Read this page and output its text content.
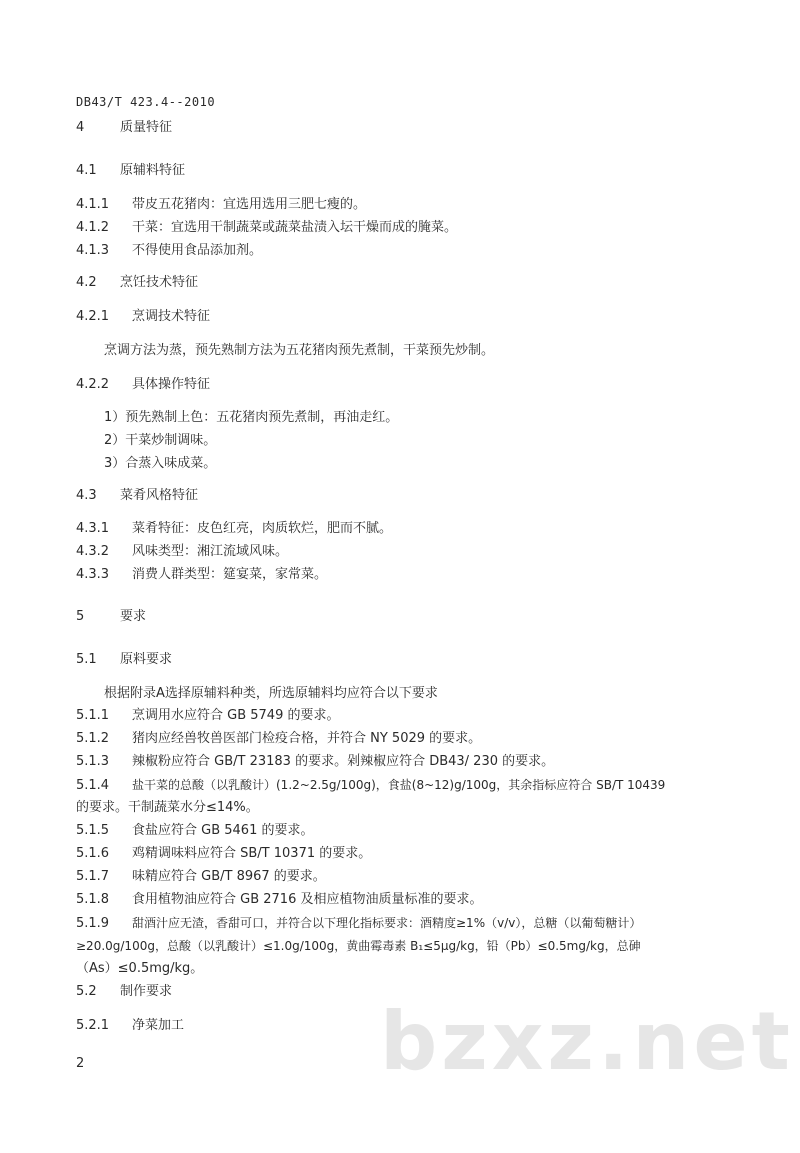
DB43/T 423.4--2010
4	质量特征
4.1 原辅料特征
4.1.1 带皮五花猪肉：宜选用选用三肥七瘦的。
4.1.2 干菜：宜选用干制蔬菜或蔬菜盐渍入坛干燥而成的腌菜。
4.1.3 不得使用食品添加剂。
4.2 烹饪技术特征
4.2.1 烹调技术特征
烹调方法为蒸，预先熟制方法为五花猪肉预先煮制，干菜预先炒制。
4.2.2 具体操作特征
1）预先熟制上色：五花猪肉预先煮制，再油走红。
2）干菜炒制调味。
3）合蒸入味成菜。
4.3 菜肴风格特征
4.3.1 菜肴特征：皮色红亮，肉质软烂，肥而不腻。
4.3.2 风味类型：湘江流域风味。
4.3.3 消费人群类型：筵宴菜，家常菜。
5	要求
5.1 原料要求
根据附录A选择原辅料种类，所选原辅料均应符合以下要求
5.1.1 烹调用水应符合 GB 5749 的要求。
5.1.2 猪肉应经兽牧兽医部门检疫合格，并符合 NY 5029 的要求。
5.1.3 辣椒粉应符合 GB/T 23183 的要求。剁辣椒应符合 DB43/ 230 的要求。
5.1.4 盐干菜的总酸（以乳酸计）(1.2~2.5g/100g)，食盐(8~12)g/100g，其余指标应符合 SB/T 10439
的要求。干制蔬菜水分≤14%。
5.1.5 食盐应符合 GB 5461 的要求。
5.1.6 鸡精调味料应符合 SB/T 10371 的要求。
5.1.7 味精应符合 GB/T 8967 的要求。
5.1.8 食用植物油应符合 GB 2716 及相应植物油质量标准的要求。
5.1.9 甜酒汁应无渣，香甜可口，并符合以下理化指标要求：酒精度≥1%（v/v），总糖（以葡萄糖计）
≥20.0g/100g，总酸（以乳酸计）≤1.0g/100g，黄曲霉毒素 B₁≤5μg/kg，铅（Pb）≤0.5mg/kg，总砷
（As）≤0.5mg/kg。
5.2 制作要求
5.2.1 净菜加工 bzxz.net
2
